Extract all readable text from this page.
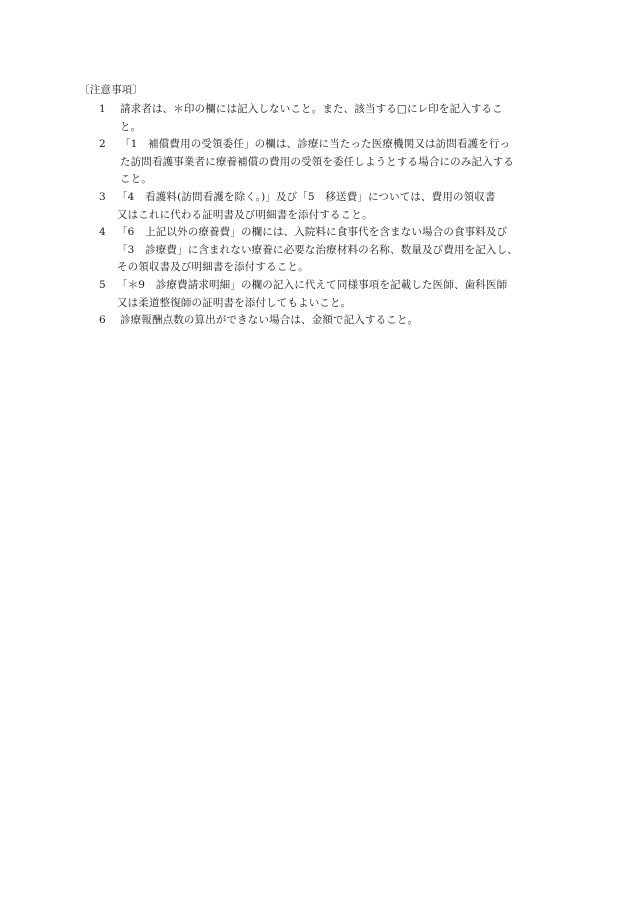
〔注意事項〕
1	請求者は、＊印の欄には記入しないこと。また、該当する□にレ印を記入するこ
と。
2	「1　補償費用の受領委任」の欄は、診療に当たった医療機関又は訪問看護を行っ
た訪問看護事業者に療養補償の費用の受領を委任しようとする場合にのみ記入する
こと。
3	「4　看護料(訪問看護を除く。)」及び「5　移送費」については、費用の領収書
又はこれに代わる証明書及び明細書を添付すること。
4	「6　上記以外の療養費」の欄には、入院料に食事代を含まない場合の食事料及び
「3　診療費」に含まれない療養に必要な治療材料の名称、数量及び費用を記入し、
その領収書及び明細書を添付すること。
5	「＊9　診療費請求明細」の欄の記入に代えて同様事項を記載した医師、歯科医師
又は柔道整復師の証明書を添付してもよいこと。
6	診療報酬点数の算出ができない場合は、金額で記入すること。
